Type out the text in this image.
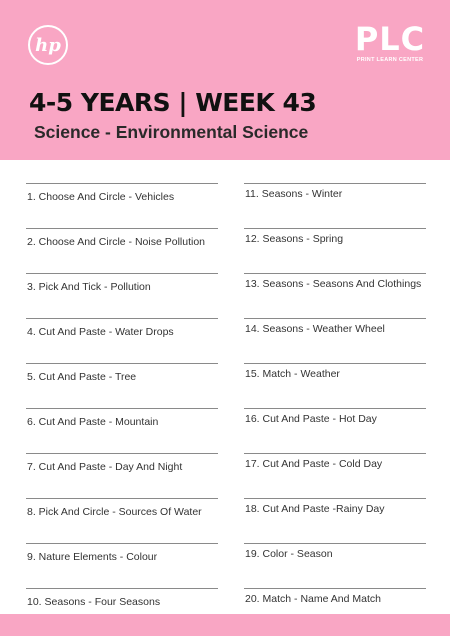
hp	PLC
PRINT LEARN CENTER
4-5 YEARS | WEEK 43
Science - Environmental Science
1. Choose And Circle - Vehicles
2. Choose And Circle - Noise Pollution
3. Pick And Tick - Pollution
4. Cut And Paste - Water Drops
5. Cut And Paste - Tree
6. Cut And Paste - Mountain
7. Cut And Paste - Day And Night
8. Pick And Circle - Sources Of Water
9. Nature Elements - Colour
10. Seasons - Four Seasons
11. Seasons - Winter
12. Seasons - Spring
13. Seasons - Seasons And Clothings
14. Seasons - Weather Wheel
15. Match - Weather
16. Cut And Paste - Hot Day
17. Cut And Paste - Cold Day
18. Cut And Paste -Rainy Day
19. Color - Season
20. Match - Name And Match
